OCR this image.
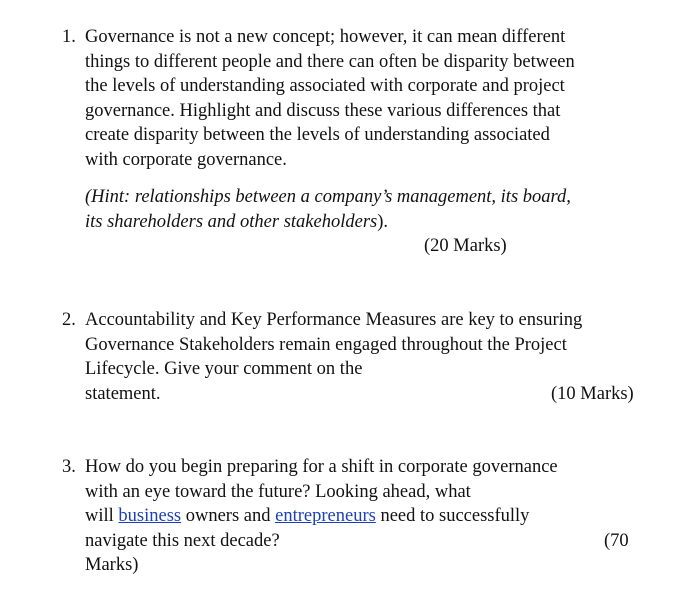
1. Governance is not a new concept; however, it can mean different
things to different people and there can often be disparity between
the levels of understanding associated with corporate and project
governance. Highlight and discuss these various differences that
create disparity between the levels of understanding associated
with corporate governance.
(Hint: relationships between a company’s management, its board,
its shareholders and other stakeholders).
(20 Marks)
2. Accountability and Key Performance Measures are key to ensuring
Governance Stakeholders remain engaged throughout the Project
Lifecycle. Give your comment on the
statement.	(10 Marks)
3. How do you begin preparing for a shift in corporate governance
with an eye toward the future? Looking ahead, what
will business owners and entrepreneurs need to successfully
navigate this next decade?
Marks)
(70
